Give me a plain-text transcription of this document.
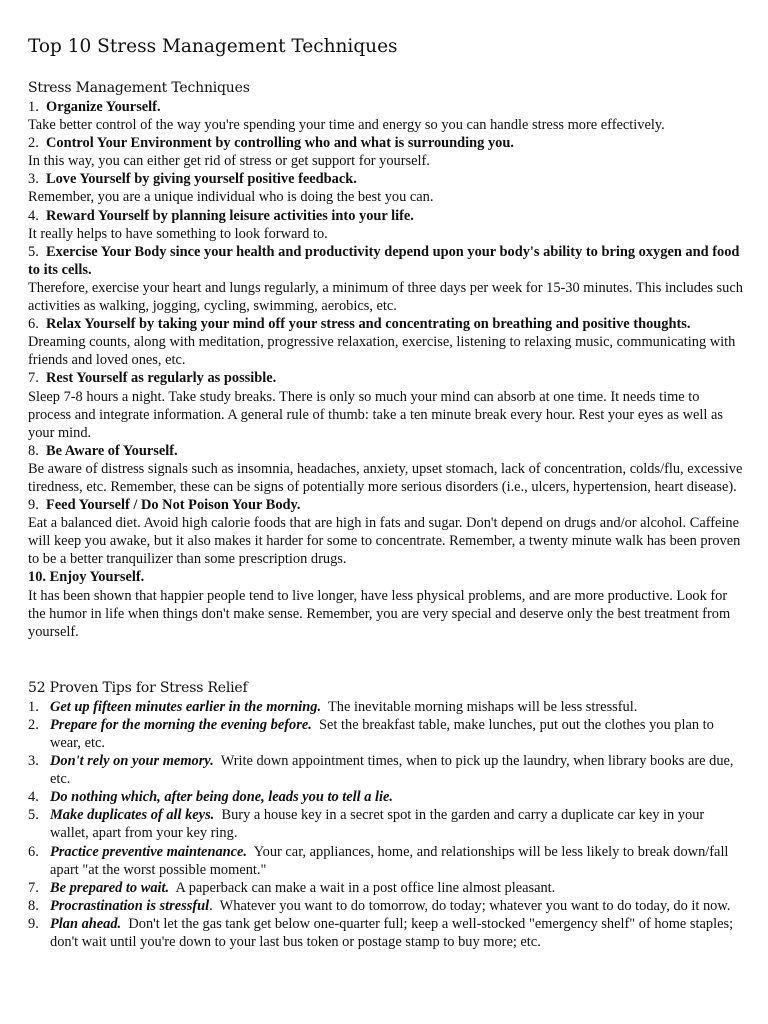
Top 10 Stress Management Techniques
Stress Management Techniques
1. Organize Yourself.
Take better control of the way you're spending your time and energy so you can handle stress more effectively.
2. Control Your Environment by controlling who and what is surrounding you.
In this way, you can either get rid of stress or get support for yourself.
3. Love Yourself by giving yourself positive feedback.
Remember, you are a unique individual who is doing the best you can.
4. Reward Yourself by planning leisure activities into your life.
It really helps to have something to look forward to.
5. Exercise Your Body since your health and productivity depend upon your body's ability to bring oxygen and food to its cells.
Therefore, exercise your heart and lungs regularly, a minimum of three days per week for 15-30 minutes. This includes such activities as walking, jogging, cycling, swimming, aerobics, etc.
6. Relax Yourself by taking your mind off your stress and concentrating on breathing and positive thoughts.
Dreaming counts, along with meditation, progressive relaxation, exercise, listening to relaxing music, communicating with friends and loved ones, etc.
7. Rest Yourself as regularly as possible.
Sleep 7-8 hours a night. Take study breaks. There is only so much your mind can absorb at one time. It needs time to process and integrate information. A general rule of thumb: take a ten minute break every hour. Rest your eyes as well as your mind.
8. Be Aware of Yourself.
Be aware of distress signals such as insomnia, headaches, anxiety, upset stomach, lack of concentration, colds/flu, excessive tiredness, etc. Remember, these can be signs of potentially more serious disorders (i.e., ulcers, hypertension, heart disease).
9. Feed Yourself / Do Not Poison Your Body.
Eat a balanced diet. Avoid high calorie foods that are high in fats and sugar. Don't depend on drugs and/or alcohol. Caffeine will keep you awake, but it also makes it harder for some to concentrate. Remember, a twenty minute walk has been proven to be a better tranquilizer than some prescription drugs.
10. Enjoy Yourself.
It has been shown that happier people tend to live longer, have less physical problems, and are more productive. Look for the humor in life when things don't make sense. Remember, you are very special and deserve only the best treatment from yourself.
52 Proven Tips for Stress Relief
1. Get up fifteen minutes earlier in the morning.  The inevitable morning mishaps will be less stressful.
2. Prepare for the morning the evening before.  Set the breakfast table, make lunches, put out the clothes you plan to wear, etc.
3. Don't rely on your memory.  Write down appointment times, when to pick up the laundry, when library books are due, etc.
4. Do nothing which, after being done, leads you to tell a lie.
5. Make duplicates of all keys.  Bury a house key in a secret spot in the garden and carry a duplicate car key in your wallet, apart from your key ring.
6. Practice preventive maintenance.  Your car, appliances, home, and relationships will be less likely to break down/fall apart "at the worst possible moment."
7. Be prepared to wait.  A paperback can make a wait in a post office line almost pleasant.
8. Procrastination is stressful.  Whatever you want to do tomorrow, do today; whatever you want to do today, do it now.
9. Plan ahead.  Don't let the gas tank get below one-quarter full; keep a well-stocked "emergency shelf" of home staples; don't wait until you're down to your last bus token or postage stamp to buy more; etc.
